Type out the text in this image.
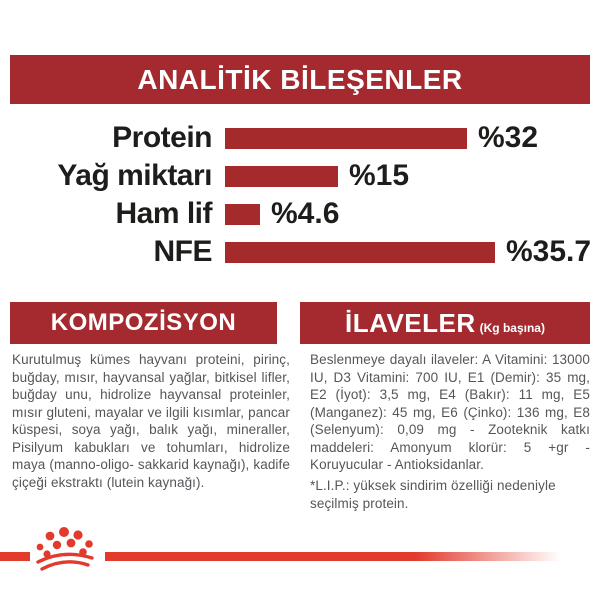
ANALİTİK BİLEŞENLER
Protein	%32
Yağ miktarı	%15
Ham lif %4.6
NFE	%35.7
KOMPOZİSYON
Kurutulmuş kümes hayvanı proteini, pirinç, buğday, mısır, hayvansal yağlar, bitkisel lifler, buğday unu, hidrolize hayvansal proteinler, mısır gluteni, mayalar ve ilgili kısımlar, pancar küspesi, soya yağı, balık yağı, mineraller, Pisilyum kabukları ve tohumları, hidrolize maya (manno-oligo- sakkarid kaynağı), kadife çiçeği ekstraktı (lutein kaynağı).
İLAVELER (Kg başına)
Beslenmeye dayalı ilaveler: A Vitamini: 13000 IU, D3 Vitamini: 700 IU, E1 (Demir): 35 mg, E2 (İyot): 3,5 mg, E4 (Bakır): 11 mg, E5 (Manganez): 45 mg, E6 (Çinko): 136 mg, E8 (Selenyum): 0,09 mg - Zooteknik katkı maddeleri: Amonyum klorür: 5 +gr - Koruyucular - Antioksidanlar.
*L.I.P.: yüksek sindirim özelliği nedeniyle seçilmiş protein.
